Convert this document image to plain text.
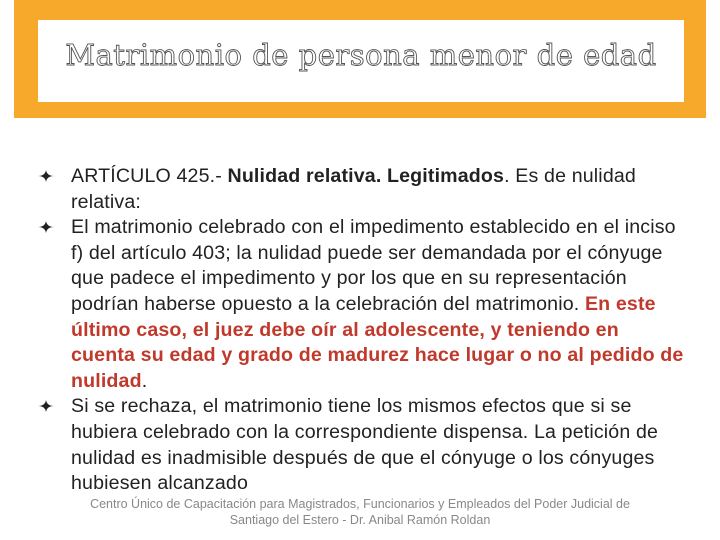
Matrimonio de persona menor de edad

ARTÍCULO 425.- Nulidad relativa. Legitimados. Es de nulidad relativa:

El matrimonio celebrado con el impedimento establecido en el inciso f) del artículo 403; la nulidad puede ser demandada por el cónyuge que padece el impedimento y por los que en su representación podrían haberse opuesto a la celebración del matrimonio. En este último caso, el juez debe oír al adolescente, y teniendo en cuenta su edad y grado de madurez hace lugar o no al pedido de nulidad.

Si se rechaza, el matrimonio tiene los mismos efectos que si se hubiera celebrado con la correspondiente dispensa. La petición de nulidad es inadmisible después de que el cónyuge o los cónyuges hubiesen alcanzado

Centro Único de Capacitación para Magistrados, Funcionarios y Empleados del Poder Judicial de
Santiago del Estero - Dr. Anibal Ramón Roldan
